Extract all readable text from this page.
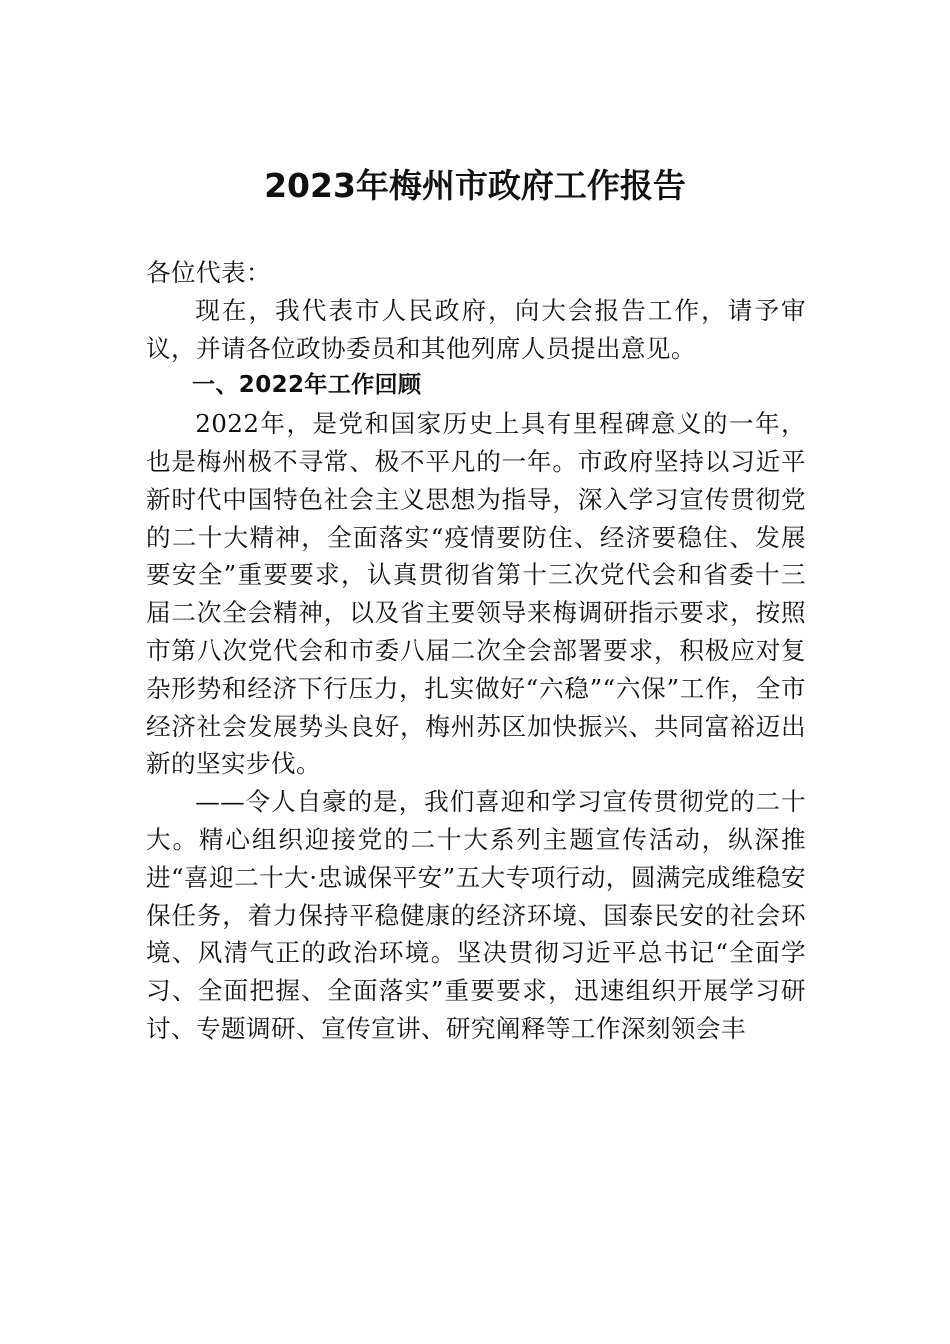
2023年梅州市政府工作报告

各位代表：

现在，我代表市人民政府，向大会报告工作，请予审议，并请各位政协委员和其他列席人员提出意见。

一、2022年工作回顾

2022年，是党和国家历史上具有里程碑意义的一年，也是梅州极不寻常、极不平凡的一年。市政府坚持以习近平新时代中国特色社会主义思想为指导，深入学习宣传贯彻党的二十大精神，全面落实“疫情要防住、经济要稳住、发展要安全”重要要求，认真贯彻省第十三次党代会和省委十三届二次全会精神，以及省主要领导来梅调研指示要求，按照市第八次党代会和市委八届二次全会部署要求，积极应对复杂形势和经济下行压力，扎实做好“六稳”“六保”工作，全市经济社会发展势头良好，梅州苏区加快振兴、共同富裕迈出新的坚实步伐。

——令人自豪的是，我们喜迎和学习宣传贯彻党的二十大。精心组织迎接党的二十大系列主题宣传活动，纵深推进“喜迎二十大·忠诚保平安”五大专项行动，圆满完成维稳安保任务，着力保持平稳健康的经济环境、国泰民安的社会环境、风清气正的政治环境。坚决贯彻习近平总书记“全面学习、全面把握、全面落实”重要要求，迅速组织开展学习研讨、专题调研、宣传宣讲、研究阐释等工作深刻领会丰
